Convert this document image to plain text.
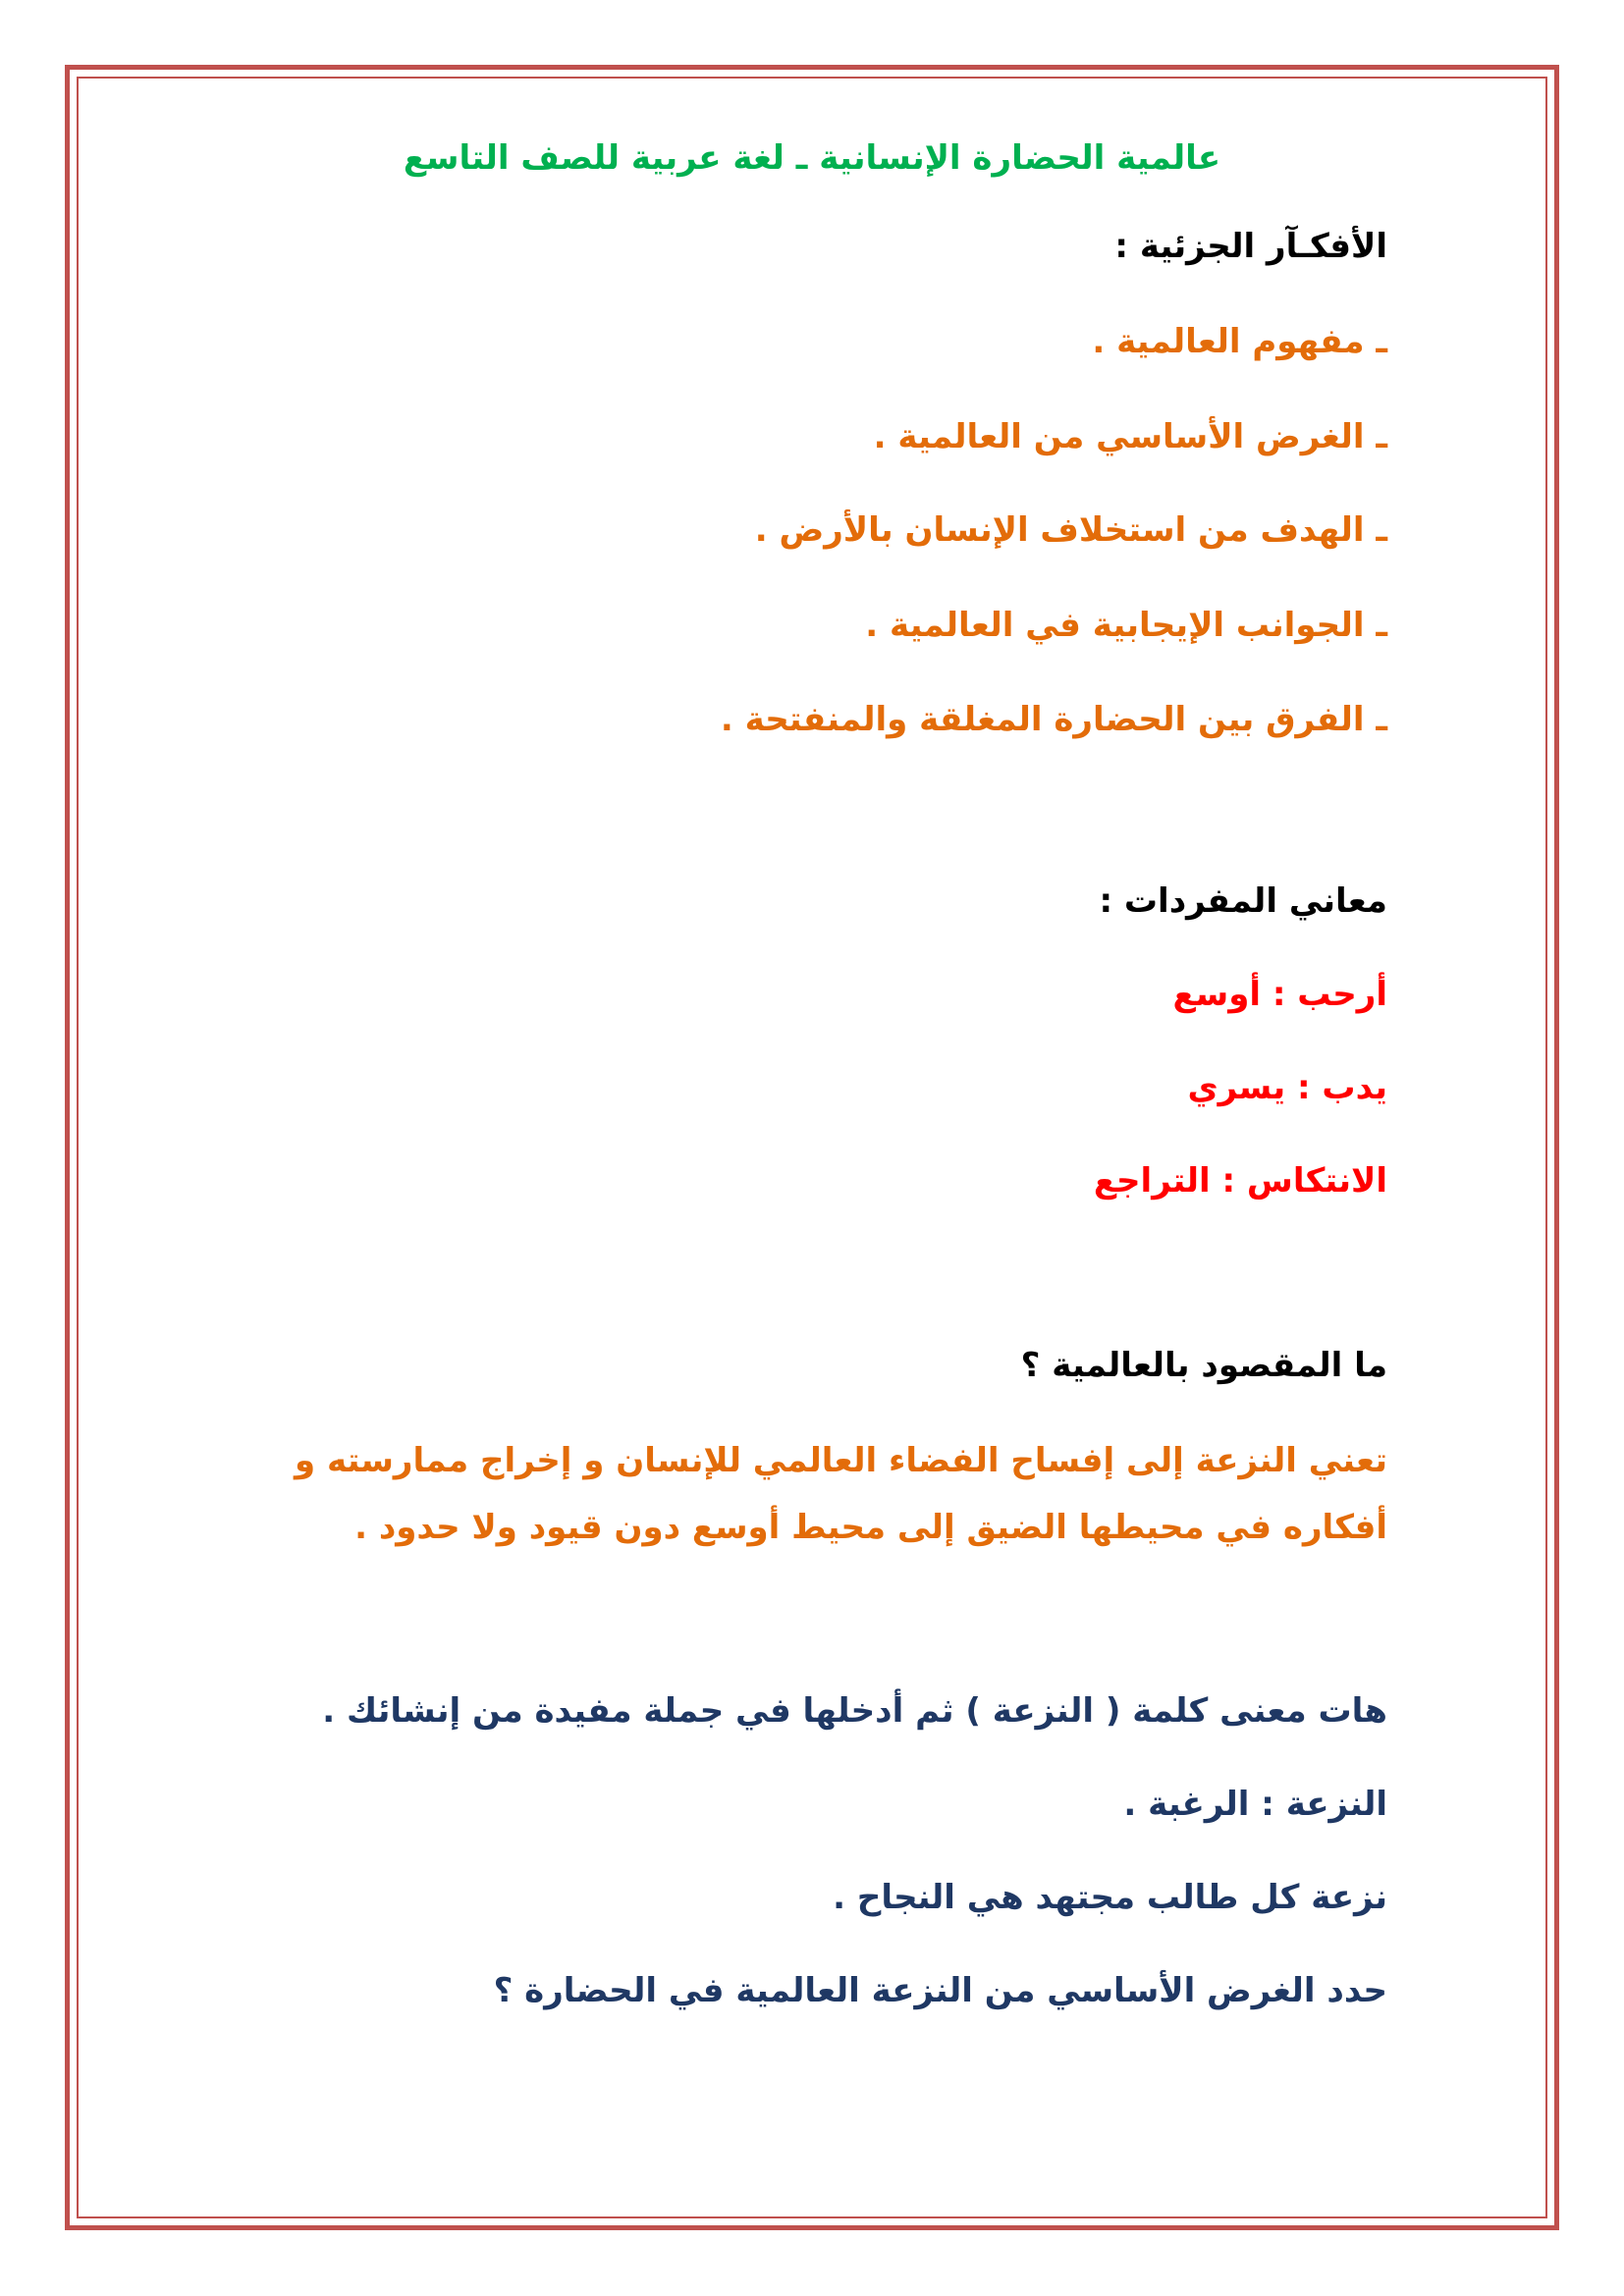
عالمية الحضارة الإنسانية ـ لغة عربية للصف التاسع
الأفكـآر الجزئية :
ـ مفهوم العالمية .
ـ الغرض الأساسي من العالمية .
ـ الهدف من استخلاف الإنسان بالأرض .
ـ الجوانب الإيجابية في العالمية .
ـ الفرق بين الحضارة المغلقة والمنفتحة .
معاني المفردات :
أرحب : أوسع
يدب : يسري
الانتكاس : التراجع
ما المقصود بالعالمية ؟
تعني النزعة إلى إفساح الفضاء العالمي للإنسان و إخراج ممارسته و
أفكاره في محيطها الضيق إلى محيط أوسع دون قيود ولا حدود .
هات معنى كلمة ( النزعة ) ثم أدخلها في جملة مفيدة من إنشائك .
النزعة : الرغبة .
نزعة كل طالب مجتهد هي النجاح .
حدد الغرض الأساسي من النزعة العالمية في الحضارة ؟
